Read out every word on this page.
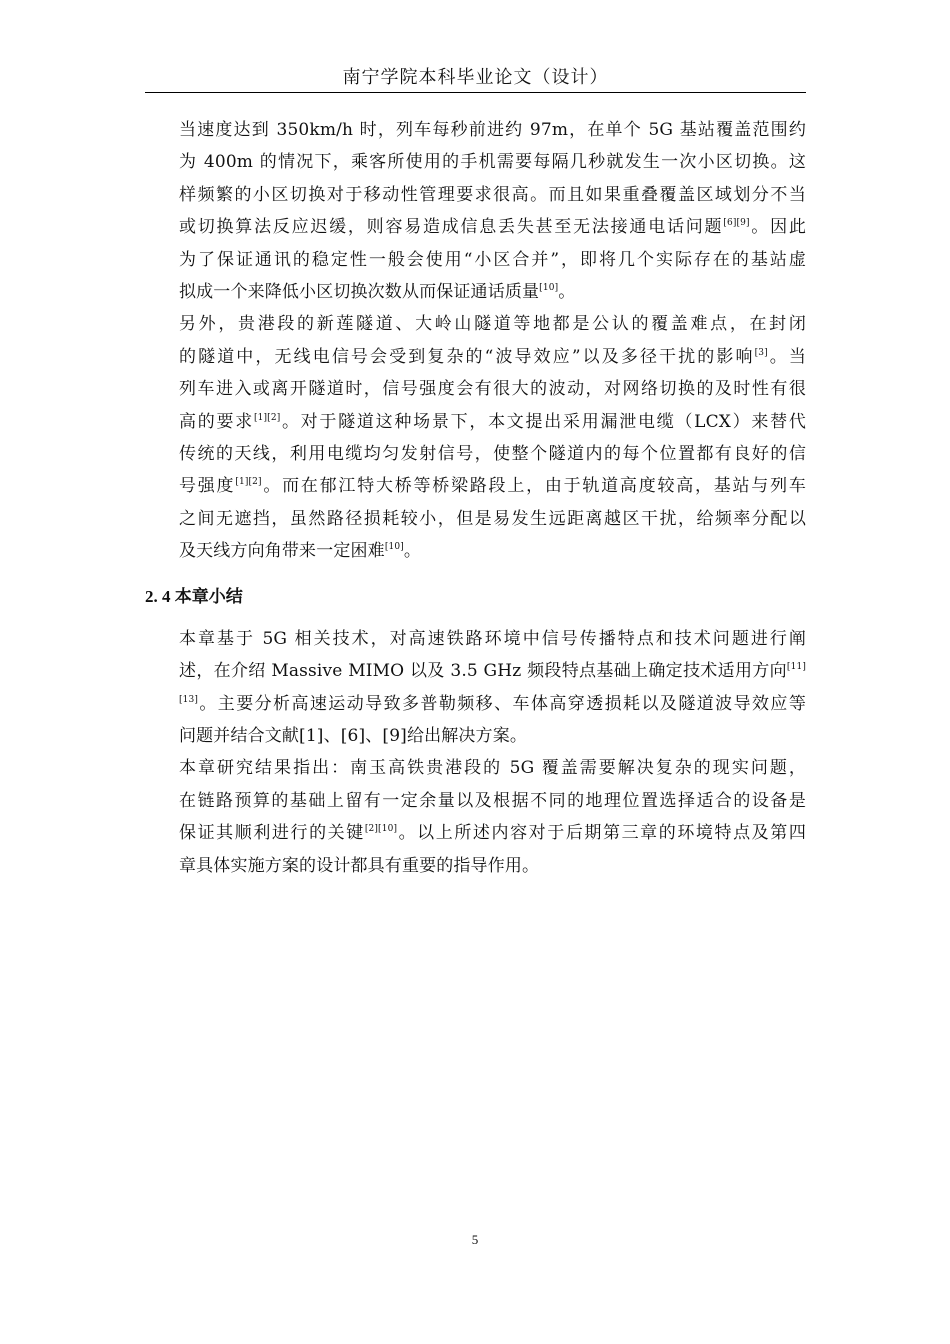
南宁学院本科毕业论文（设计）

当速度达到 350km/h 时，列车每秒前进约 97m，在单个 5G 基站覆盖范围约
为 400m 的情况下，乘客所使用的手机需要每隔几秒就发生一次小区切换。这
样频繁的小区切换对于移动性管理要求很高。而且如果重叠覆盖区域划分不当
或切换算法反应迟缓，则容易造成信息丢失甚至无法接通电话问题[6][9]。因此
为了保证通讯的稳定性一般会使用“小区合并”，即将几个实际存在的基站虚
拟成一个来降低小区切换次数从而保证通话质量[10]。

另外，贵港段的新莲隧道、大岭山隧道等地都是公认的覆盖难点，在封闭
的隧道中，无线电信号会受到复杂的“波导效应”以及多径干扰的影响[3]。当
列车进入或离开隧道时，信号强度会有很大的波动，对网络切换的及时性有很
高的要求[1][2]。对于隧道这种场景下，本文提出采用漏泄电缆（LCX）来替代
传统的天线，利用电缆均匀发射信号，使整个隧道内的每个位置都有良好的信
号强度[1][2]。而在郁江特大桥等桥梁路段上，由于轨道高度较高，基站与列车
之间无遮挡，虽然路径损耗较小，但是易发生远距离越区干扰，给频率分配以
及天线方向角带来一定困难[10]。

2. 4 本章小结

本章基于 5G 相关技术，对高速铁路环境中信号传播特点和技术问题进行阐
述，在介绍 Massive MIMO 以及 3.5 GHz 频段特点基础上确定技术适用方向[11]
[13]。主要分析高速运动导致多普勒频移、车体高穿透损耗以及隧道波导效应等
问题并结合文献[1]、[6]、[9]给出解决方案。

本章研究结果指出：南玉高铁贵港段的 5G 覆盖需要解决复杂的现实问题，
在链路预算的基础上留有一定余量以及根据不同的地理位置选择适合的设备是
保证其顺利进行的关键[2][10]。以上所述内容对于后期第三章的环境特点及第四
章具体实施方案的设计都具有重要的指导作用。

5
